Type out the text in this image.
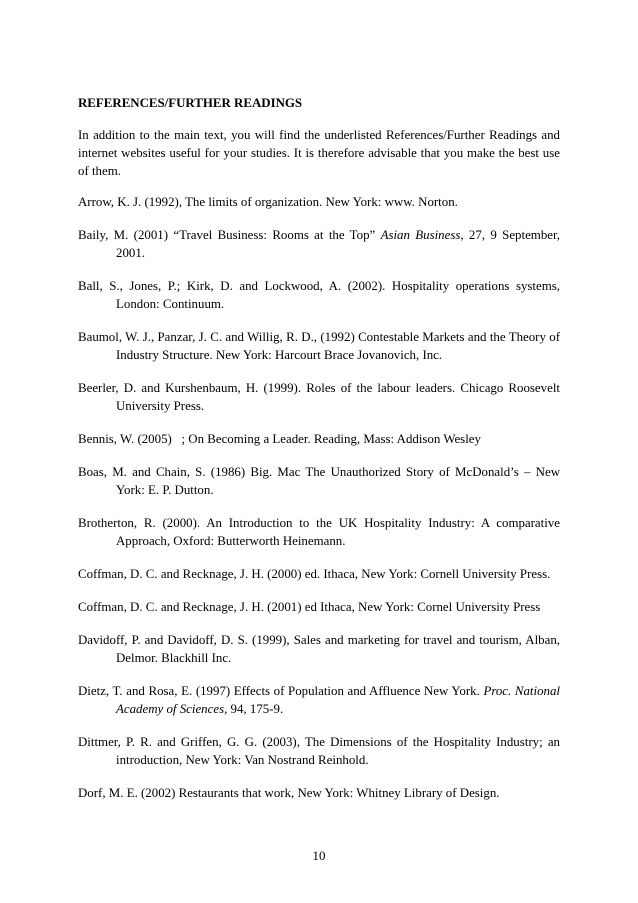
REFERENCES/FURTHER READINGS

In addition to the main text, you will find the underlisted References/Further Readings and internet websites useful for your studies. It is therefore advisable that you make the best use of them.

Arrow, K. J. (1992), The limits of organization. New York: www. Norton.

Baily, M. (2001) “Travel Business: Rooms at the Top” Asian Business, 27, 9 September, 2001.

Ball, S., Jones, P.; Kirk, D. and Lockwood, A. (2002). Hospitality operations systems, London: Continuum.

Baumol, W. J., Panzar, J. C. and Willig, R. D., (1992) Contestable Markets and the Theory of Industry Structure. New York: Harcourt Brace Jovanovich, Inc.

Beerler, D. and Kurshenbaum, H. (1999). Roles of the labour leaders. Chicago Roosevelt University Press.

Bennis, W. (2005)   ; On Becoming a Leader. Reading, Mass: Addison Wesley

Boas, M. and Chain, S. (1986) Big. Mac The Unauthorized Story of McDonald’s – New York: E. P. Dutton.

Brotherton, R. (2000). An Introduction to the UK Hospitality Industry: A comparative Approach, Oxford: Butterworth Heinemann.

Coffman, D. C. and Recknage, J. H. (2000) ed. Ithaca, New York: Cornell University Press.

Coffman, D. C. and Recknage, J. H. (2001) ed Ithaca, New York: Cornel University Press

Davidoff, P. and Davidoff, D. S. (1999), Sales and marketing for travel and tourism, Alban, Delmor. Blackhill Inc.

Dietz, T. and Rosa, E. (1997) Effects of Population and Affluence New York. Proc. National Academy of Sciences, 94, 175-9.

Dittmer, P. R. and Griffen, G. G. (2003), The Dimensions of the Hospitality Industry; an introduction, New York: Van Nostrand Reinhold.

Dorf, M. E. (2002) Restaurants that work, New York: Whitney Library of Design.

10
